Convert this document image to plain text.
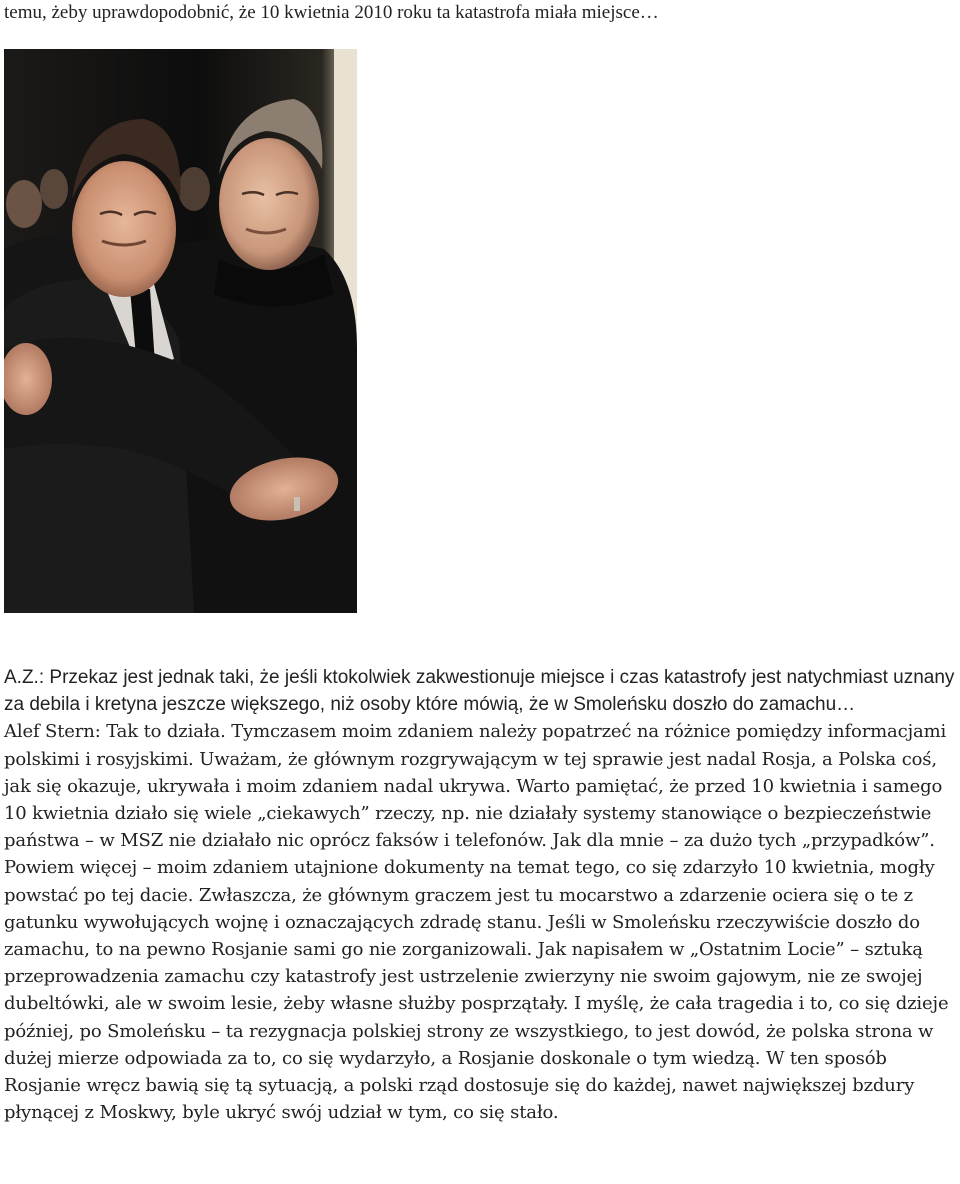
temu, żeby uprawdopodobnić, że 10 kwietnia 2010 roku ta katastrofa miała miejsce…

A.Z.: Przekaz jest jednak taki, że jeśli ktokolwiek zakwestionuje miejsce i czas katastrofy jest natychmiast uznany za debila i kretyna jeszcze większego, niż osoby które mówią, że w Smoleńsku doszło do zamachu…

Alef Stern: Tak to działa. Tymczasem moim zdaniem należy popatrzeć na różnice pomiędzy informacjami polskimi i rosyjskimi. Uważam, że głównym rozgrywającym w tej sprawie jest nadal Rosja, a Polska coś, jak się okazuje, ukrywała i moim zdaniem nadal ukrywa. Warto pamiętać, że przed 10 kwietnia i samego 10 kwietnia działo się wiele „ciekawych” rzeczy, np. nie działały systemy stanowiące o bezpieczeństwie państwa – w MSZ nie działało nic oprócz faksów i telefonów. Jak dla mnie – za dużo tych „przypadków”. Powiem więcej – moim zdaniem utajnione dokumenty na temat tego, co się zdarzyło 10 kwietnia, mogły powstać po tej dacie. Zwłaszcza, że głównym graczem jest tu mocarstwo a zdarzenie ociera się o te z gatunku wywołujących wojnę i oznaczających zdradę stanu. Jeśli w Smoleńsku rzeczywiście doszło do zamachu, to na pewno Rosjanie sami go nie zorganizowali. Jak napisałem w „Ostatnim Locie” – sztuką przeprowadzenia zamachu czy katastrofy jest ustrzelenie zwierzyny nie swoim gajowym, nie ze swojej dubeltówki, ale w swoim lesie, żeby własne służby posprzątały. I myślę, że cała tragedia i to, co się dzieje później, po Smoleńsku – ta rezygnacja polskiej strony ze wszystkiego, to jest dowód, że polska strona w dużej mierze odpowiada za to, co się wydarzyło, a Rosjanie doskonale o tym wiedzą. W ten sposób Rosjanie wręcz bawią się tą sytuacją, a polski rząd dostosuje się do każdej, nawet największej bzdury płynącej z Moskwy, byle ukryć swój udział w tym, co się stało.
